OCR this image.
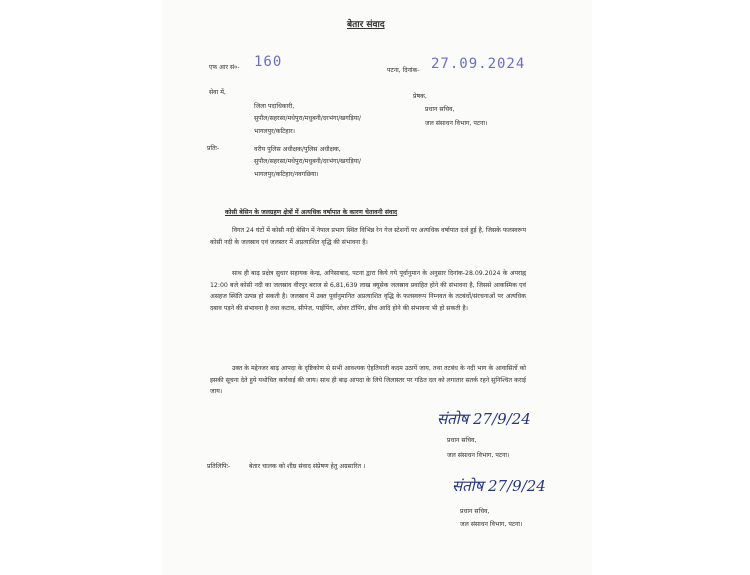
बेतार संवाद
एफ आर सं०- 160
पटना, दिनांक- 27.09.2024
सेवा में,
जिला पदाधिकारी,
सुपौल/सहरसा/मधेपुरा/मधुबनी/दरभंगा/खगड़िया/
भागलपुर/कटिहार।
प्रेषक,
प्रधान सचिव,
जल संसाधन विभाग, पटना।
प्रतिः-	वरीय पुलिस अधीक्षक/पुलिस अधीक्षक,
सुपौल/सहरसा/मधेपुरा/मधुबनी/दरभंगा/खगड़िया/
भागलपुर/कटिहार/नवगछिया।
कोसी बेसिन के जलग्रहण क्षेत्रों में अत्यधिक वर्षापात के कारण चेतावनी संवाद
विगत 24 घंटों में कोसी नदी बेसिन में नेपाल प्रभाग स्थित विभिन्न रेन गेज स्टेशनों पर अत्यधिक वर्षापात दर्ज हुई है, जिसके फलस्वरूप कोसी नदी के जलस्राव एवं जलस्तर में अप्रत्याशित वृद्धि की संभावना है।
साथ ही बाढ़ प्रक्षेत्र सुधार सहायक केन्द्र, अनिसाबाद, पटना द्वारा किये गये पूर्वानुमान के अनुसार दिनांक-28.09.2024 के अपराह्न 12:00 बजे कोसी नदी का जलस्राव वीरपुर बराज से 6,81,639 लाख क्यूसेक जलस्राव प्रवाहित होने की संभावना है, जिससे आकस्मिक एवं असहज स्थिति उत्पन्न हो सकती है। जलस्राव में उक्त पूर्वानुमानित अप्रत्याशित वृद्धि के फलस्वरूप निम्नवत के तटबंधों/संरचनाओं पर अत्यधिक दबाव पड़ने की संभावना है तथा कटाव, सीपेज, पाईपिंग, ओवर टॉपिंग, ब्रीच आदि होने की संभावना भी हो सकती है।
उक्त के मद्देनजर बाढ़ आपदा के दृष्टिकोण से सभी आवश्यक ऐहतियाती कदम उठायें जाय, तथा तटबंध के नदी भाग के आवासितों को इसकी सूचना देते हुये यथोचित कार्रवाई की जाय। साथ ही बाढ़ आपदा के लिये जिलास्तर पर गठित दल को लगातार सतर्क रहने सुनिश्चित कराई जाय।
संतोष 27/9/24
प्रधान सचिव,
जल संसाधन विभाग, पटना।
प्रतिलिपिः-	बेतार चालक को शीघ्र संवाद संप्रेषण हेतु अग्रसारित ।
संतोष 27/9/24
प्रधान सचिव,
जल संसाधन विभाग, पटना।
